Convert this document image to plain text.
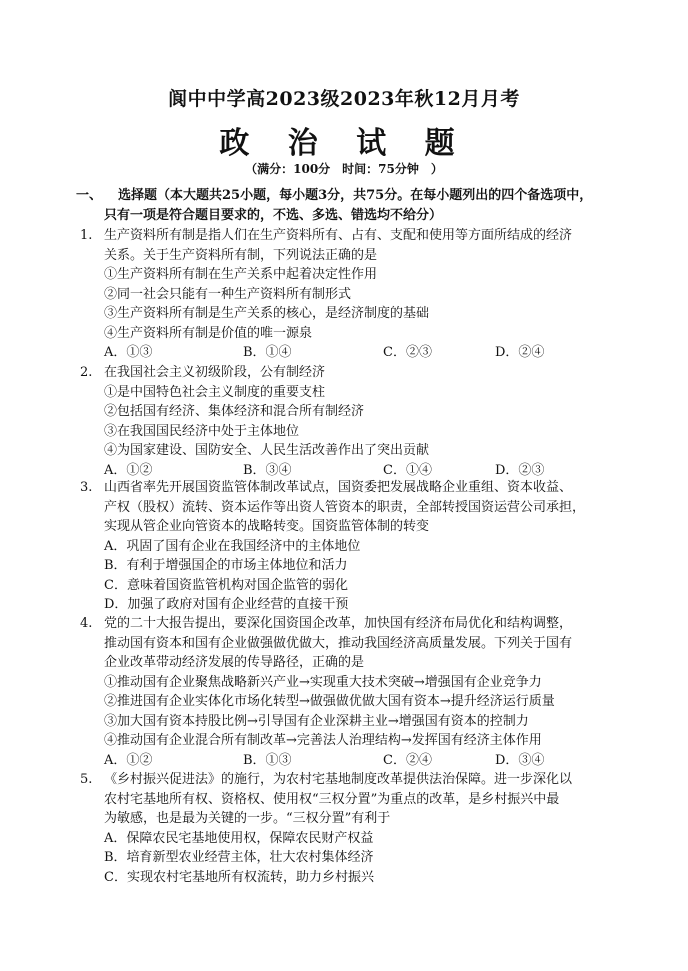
阆中中学高2023级2023年秋12月月考
政 治 试 题
（满分：100分　时间：75分钟　）
一、 选择题（本大题共25小题，每小题3分，共75分。在每小题列出的四个备选项中，
只有一项是符合题目要求的，不选、多选、错选均不给分）
1. 生产资料所有制是指人们在生产资料所有、占有、支配和使用等方面所结成的经济
关系。关于生产资料所有制，下列说法正确的是
①生产资料所有制在生产关系中起着决定性作用
②同一社会只能有一种生产资料所有制形式
③生产资料所有制是生产关系的核心，是经济制度的基础
④生产资料所有制是价值的唯一源泉
A．①③	B．①④	C．②③	D．②④
2. 在我国社会主义初级阶段，公有制经济
①是中国特色社会主义制度的重要支柱
②包括国有经济、集体经济和混合所有制经济
③在我国国民经济中处于主体地位
④为国家建设、国防安全、人民生活改善作出了突出贡献
A．①②	B．③④	C．①④	D．②③
3. 山西省率先开展国资监管体制改革试点，国资委把发展战略企业重组、资本收益、
产权（股权）流转、资本运作等出资人管资本的职责，全部转授国资运营公司承担，
实现从管企业向管资本的战略转变。国资监管体制的转变
A．巩固了国有企业在我国经济中的主体地位
B．有利于增强国企的市场主体地位和活力
C．意味着国资监管机构对国企监管的弱化
D．加强了政府对国有企业经营的直接干预
4. 党的二十大报告提出，要深化国资国企改革，加快国有经济布局优化和结构调整，
推动国有资本和国有企业做强做优做大，推动我国经济高质量发展。下列关于国有
企业改革带动经济发展的传导路径，正确的是
①推动国有企业聚焦战略新兴产业→实现重大技术突破→增强国有企业竞争力
②推进国有企业实体化市场化转型→做强做优做大国有资本→提升经济运行质量
③加大国有资本持股比例→引导国有企业深耕主业→增强国有资本的控制力
④推动国有企业混合所有制改革→完善法人治理结构→发挥国有经济主体作用
A．①②	B．①③	C．②④	D．③④
5. 《乡村振兴促进法》的施行，为农村宅基地制度改革提供法治保障。进一步深化以
农村宅基地所有权、资格权、使用权“三权分置”为重点的改革，是乡村振兴中最
为敏感，也是最为关键的一步。“三权分置”有利于
A．保障农民宅基地使用权，保障农民财产权益
B．培育新型农业经营主体，壮大农村集体经济
C．实现农村宅基地所有权流转，助力乡村振兴
